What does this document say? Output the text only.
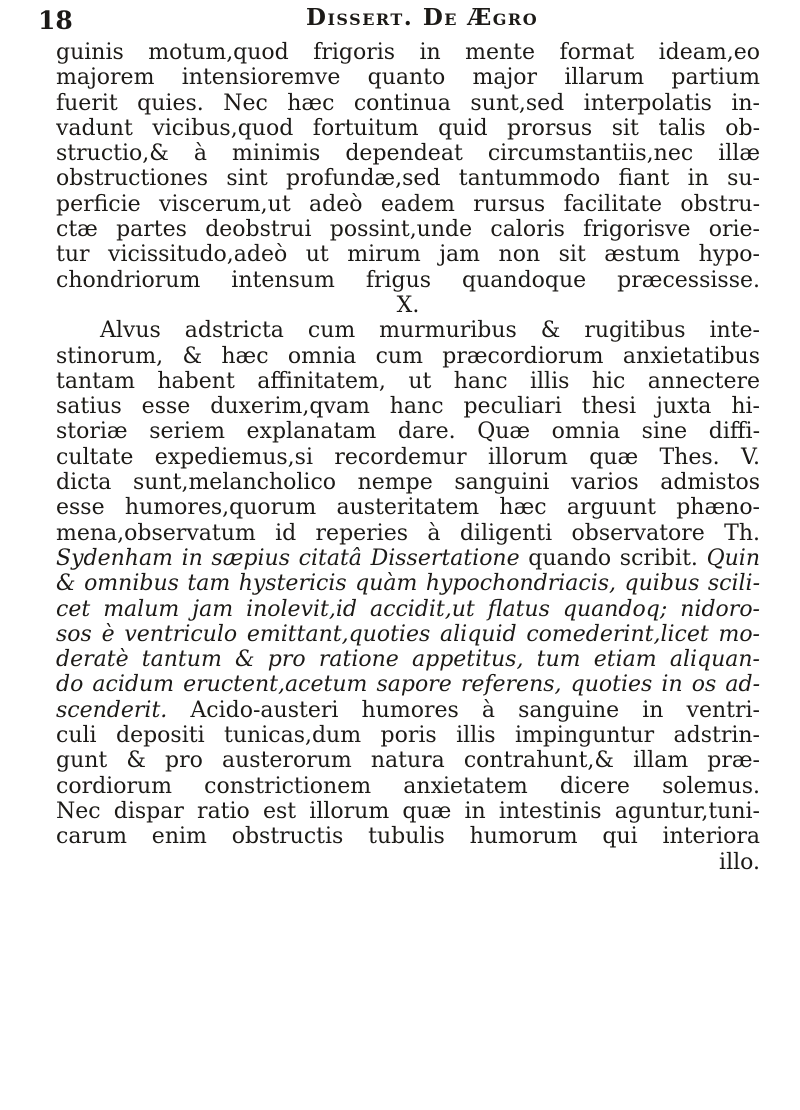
18	Dissert. De Ægro
guinis motum,quod frigoris in mente format ideam,eo
majorem intensioremve quanto major illarum partium
fuerit quies. Nec hæc continua sunt,sed interpolatis in-
vadunt vicibus,quod fortuitum quid prorsus sit talis ob-
structio,& à minimis dependeat circumstantiis,nec illæ
obstructiones sint profundæ,sed tantummodo fiant in su-
perficie viscerum,ut adeò eadem rursus facilitate obstru-
ctæ partes deobstrui possint,unde caloris frigorisve orie-
tur vicissitudo,adeò ut mirum jam non sit æstum hypo-
chondriorum intensum frigus quandoque præcessisse.
X.
Alvus adstricta cum murmuribus & rugitibus inte-
stinorum, & hæc omnia cum præcordiorum anxietatibus
tantam habent affinitatem, ut hanc illis hic annectere
satius esse duxerim,qvam hanc peculiari thesi juxta hi-
storiæ seriem explanatam dare. Quæ omnia sine diffi-
cultate expediemus,si recordemur illorum quæ Thes. V.
dicta sunt,melancholico nempe sanguini varios admistos
esse humores,quorum austeritatem hæc arguunt phæno-
mena,observatum id reperies à diligenti observatore Th.
Sydenham in sæpius citatâ Dissertatione quando scribit. Quin
& omnibus tam hystericis quàm hypochondriacis, quibus scili-
cet malum jam inolevit,id accidit,ut flatus quandoq; nidoro-
sos è ventriculo emittant,quoties aliquid comederint,licet mo-
deratè tantum & pro ratione appetitus, tum etiam aliquan-
do acidum eructent,acetum sapore referens, quoties in os ad-
scenderit. Acido-austeri humores à sanguine in ventri-
culi depositi tunicas,dum poris illis impinguntur adstrin-
gunt & pro austerorum natura contrahunt,& illam præ-
cordiorum constrictionem anxietatem dicere solemus.
Nec dispar ratio est illorum quæ in intestinis aguntur,tuni-
carum enim obstructis tubulis humorum qui interiora
illo.
